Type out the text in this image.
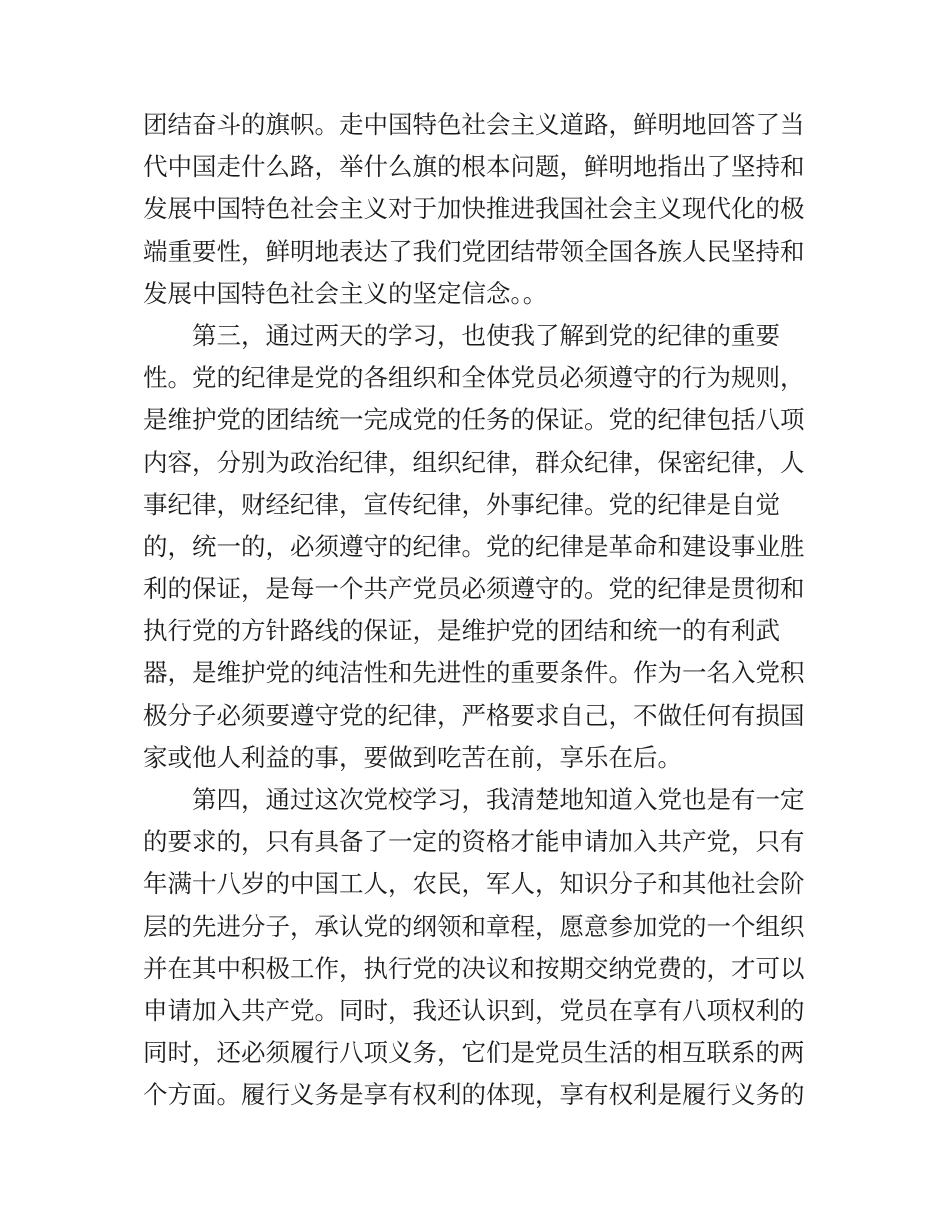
团结奋斗的旗帜。走中国特色社会主义道路，鲜明地回答了当
代中国走什么路，举什么旗的根本问题，鲜明地指出了坚持和
发展中国特色社会主义对于加快推进我国社会主义现代化的极
端重要性，鲜明地表达了我们党团结带领全国各族人民坚持和
发展中国特色社会主义的坚定信念。。
第三，通过两天的学习，也使我了解到党的纪律的重要
性。党的纪律是党的各组织和全体党员必须遵守的行为规则，
是维护党的团结统一完成党的任务的保证。党的纪律包括八项
内容，分别为政治纪律，组织纪律，群众纪律，保密纪律，人
事纪律，财经纪律，宣传纪律，外事纪律。党的纪律是自觉
的，统一的，必须遵守的纪律。党的纪律是革命和建设事业胜
利的保证，是每一个共产党员必须遵守的。党的纪律是贯彻和
执行党的方针路线的保证，是维护党的团结和统一的有利武
器，是维护党的纯洁性和先进性的重要条件。作为一名入党积
极分子必须要遵守党的纪律，严格要求自己，不做任何有损国
家或他人利益的事，要做到吃苦在前，享乐在后。
第四，通过这次党校学习，我清楚地知道入党也是有一定
的要求的，只有具备了一定的资格才能申请加入共产党，只有
年满十八岁的中国工人，农民，军人，知识分子和其他社会阶
层的先进分子，承认党的纲领和章程，愿意参加党的一个组织
并在其中积极工作，执行党的决议和按期交纳党费的，才可以
申请加入共产党。同时，我还认识到，党员在享有八项权利的
同时，还必须履行八项义务，它们是党员生活的相互联系的两
个方面。履行义务是享有权利的体现，享有权利是履行义务的
